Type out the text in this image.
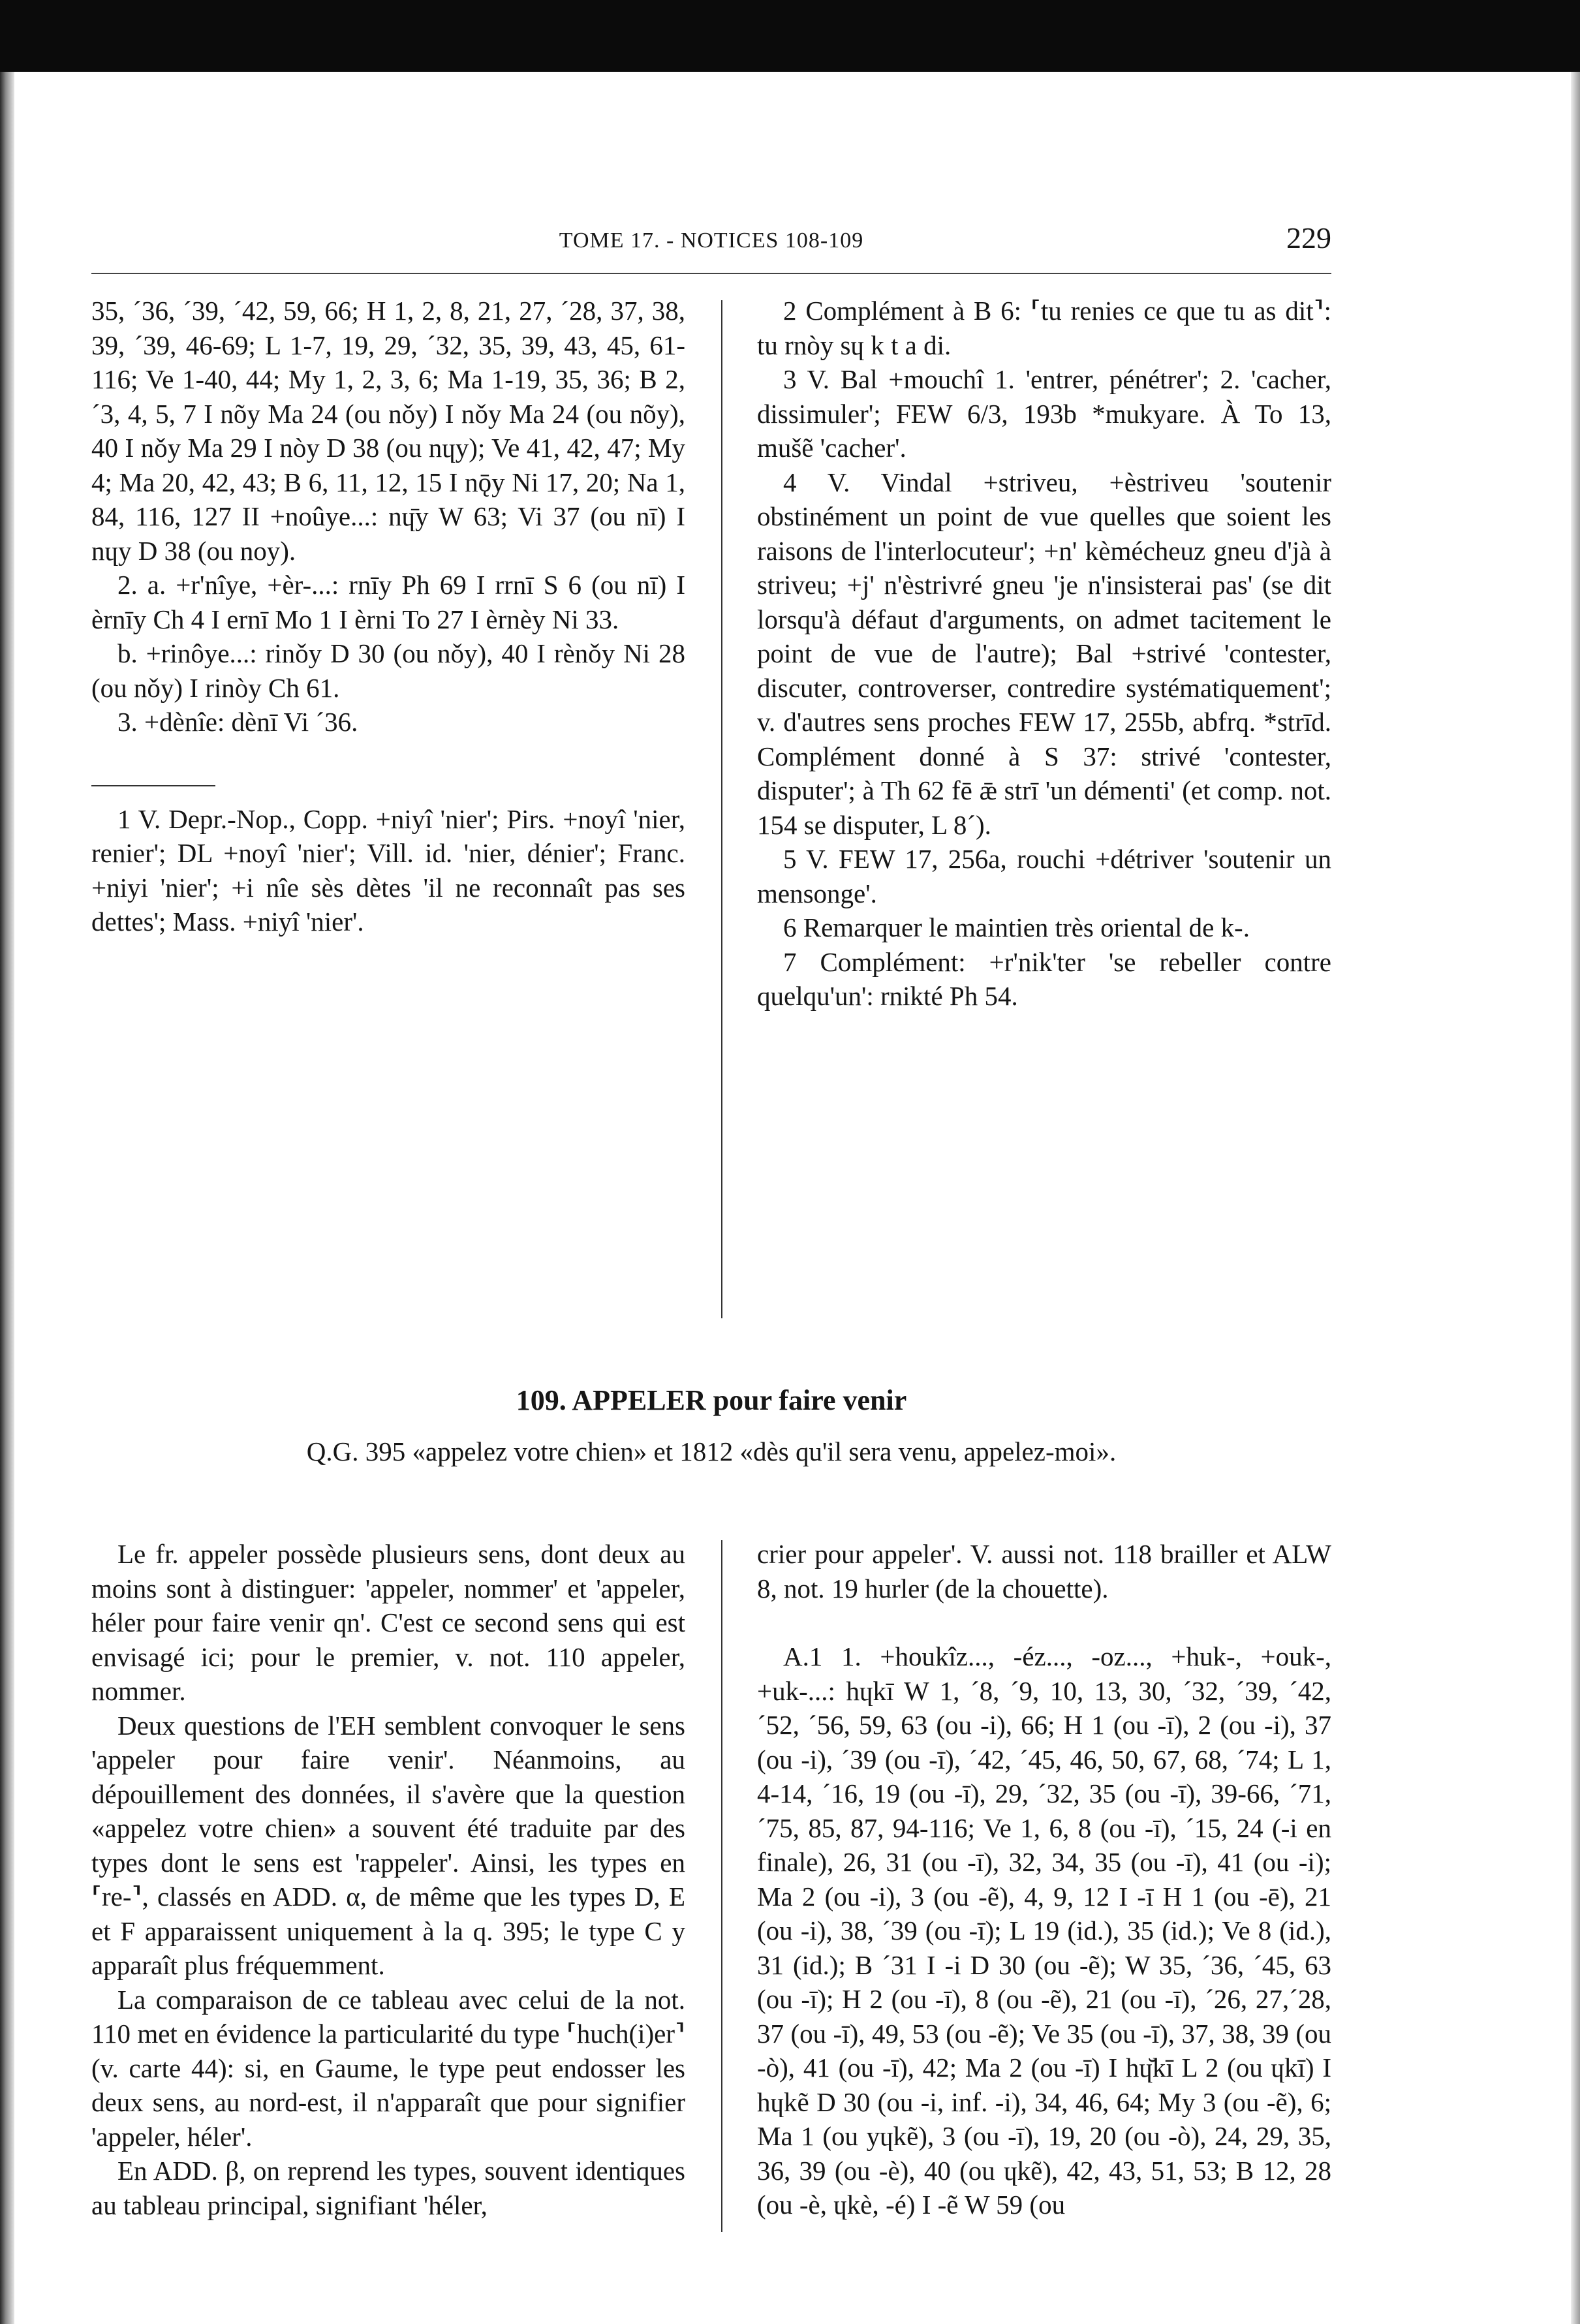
TOME 17. - NOTICES 108-109	229

35, ´36, ´39, ´42, 59, 66; H 1, 2, 8, 21, 27, ´28, 37, 38, 39, ´39, 46-69; L 1-7, 19, 29, ´32, 35, 39, 43, 45, 61-116; Ve 1-40, 44; My 1, 2, 3, 6; Ma 1-19, 35, 36; B 2, ´3, 4, 5, 7 I nõy Ma 24 (ou nǒy) I nǒy Ma 24 (ou nõy), 40 I nǒy Ma 29 I nòy D 38 (ou nɥy); Ve 41, 42, 47; My 4; Ma 20, 42, 43; B 6, 11, 12, 15 I nǭy Ni 17, 20; Na 1, 84, 116, 127 II +noûye...: nɥ̄y W 63; Vi 37 (ou nī) I nɥy D 38 (ou noy).

2. a. +r'nîye, +èr-...: rnīy Ph 69 I rrnī S 6 (ou nī) I èrnīy Ch 4 I ernī Mo 1 I èrni To 27 I èrnèy Ni 33.

b. +rinôye...: rinǒy D 30 (ou nǒy), 40 I rènǒy Ni 28 (ou nǒy) I rinòy Ch 61.

3. +dènîe: dènī Vi ´36.

1 V. Depr.-Nop., Copp. +niyî 'nier'; Pirs. +noyî 'nier, renier'; DL +noyî 'nier'; Vill. id. 'nier, dénier'; Franc. +niyi 'nier'; +i nîe sès dètes 'il ne reconnaît pas ses dettes'; Mass. +niyî 'nier'.

2 Complément à B 6: ⸢tu renies ce que tu as dit⸣: tu rnòy sɥ k t a di.

3 V. Bal +mouchî 1. 'entrer, pénétrer'; 2. 'cacher, dissimuler'; FEW 6/3, 193b *mukyare. À To 13, mušẽ 'cacher'.

4 V. Vindal +striveu, +èstriveu 'soutenir obstinément un point de vue quelles que soient les raisons de l'interlocuteur'; +n' kèmécheuz gneu d'jà à striveu; +j' n'èstrivré gneu 'je n'insisterai pas' (se dit lorsqu'à défaut d'arguments, on admet tacitement le point de vue de l'autre); Bal +strivé 'contester, discuter, controverser, contredire systématiquement'; v. d'autres sens proches FEW 17, 255b, abfrq. *strīd. Complément donné à S 37: strivé 'contester, disputer'; à Th 62 fē ǣ strī 'un démenti' (et comp. not. 154 se disputer, L 8´).

5 V. FEW 17, 256a, rouchi +détriver 'soutenir un mensonge'.

6 Remarquer le maintien très oriental de k-.

7 Complément: +r'nik'ter 'se rebeller contre quelqu'un': rnikté Ph 54.

109. APPELER pour faire venir
Q.G. 395 «appelez votre chien» et 1812 «dès qu'il sera venu, appelez-moi».

Le fr. appeler possède plusieurs sens, dont deux au moins sont à distinguer: 'appeler, nommer' et 'appeler, héler pour faire venir qn'. C'est ce second sens qui est envisagé ici; pour le premier, v. not. 110 appeler, nommer.

Deux questions de l'EH semblent convoquer le sens 'appeler pour faire venir'. Néanmoins, au dépouillement des données, il s'avère que la question «appelez votre chien» a souvent été traduite par des types dont le sens est 'rappeler'. Ainsi, les types en ⸢re-⸣, classés en ADD. α, de même que les types D, E et F apparaissent uniquement à la q. 395; le type C y apparaît plus fréquemment.

La comparaison de ce tableau avec celui de la not. 110 met en évidence la particularité du type ⸢huch(i)er⸣ (v. carte 44): si, en Gaume, le type peut endosser les deux sens, au nord-est, il n'apparaît que pour signifier 'appeler, héler'.

En ADD. β, on reprend les types, souvent identiques au tableau principal, signifiant 'héler,

crier pour appeler'. V. aussi not. 118 brailler et ALW 8, not. 19 hurler (de la chouette).

A.1 1. +houkîz..., -éz..., -oz..., +huk-, +ouk-, +uk-...: hɥkī W 1, ´8, ´9, 10, 13, 30, ´32, ´39, ´42, ´52, ´56, 59, 63 (ou -i), 66; H 1 (ou -ī), 2 (ou -i), 37 (ou -i), ´39 (ou -ī), ´42, ´45, 46, 50, 67, 68, ´74; L 1, 4-14, ´16, 19 (ou -ī), 29, ´32, 35 (ou -ī), 39-66, ´71, ´75, 85, 87, 94-116; Ve 1, 6, 8 (ou -ī), ´15, 24 (-i en finale), 26, 31 (ou -ī), 32, 34, 35 (ou -ī), 41 (ou -i); Ma 2 (ou -i), 3 (ou -ẽ), 4, 9, 12 I -ī H 1 (ou -ē), 21 (ou -i), 38, ´39 (ou -ī); L 19 (id.), 35 (id.); Ve 8 (id.), 31 (id.); B ´31 I -i D 30 (ou -ẽ); W 35, ´36, ´45, 63 (ou -ī); H 2 (ou -ī), 8 (ou -ẽ), 21 (ou -ī), ´26, 27,´28, 37 (ou -ī), 49, 53 (ou -ẽ); Ve 35 (ou -ī), 37, 38, 39 (ou -ò), 41 (ou -ī), 42; Ma 2 (ou -ī) I hɥ̆kī L 2 (ou ɥkī) I hɥkẽ D 30 (ou -i, inf. -i), 34, 46, 64; My 3 (ou -ẽ), 6; Ma 1 (ou yɥkẽ), 3 (ou -ī), 19, 20 (ou -ò), 24, 29, 35, 36, 39 (ou -è), 40 (ou ɥkẽ), 42, 43, 51, 53; B 12, 28 (ou -è, ɥkè, -é) I -ẽ W 59 (ou
